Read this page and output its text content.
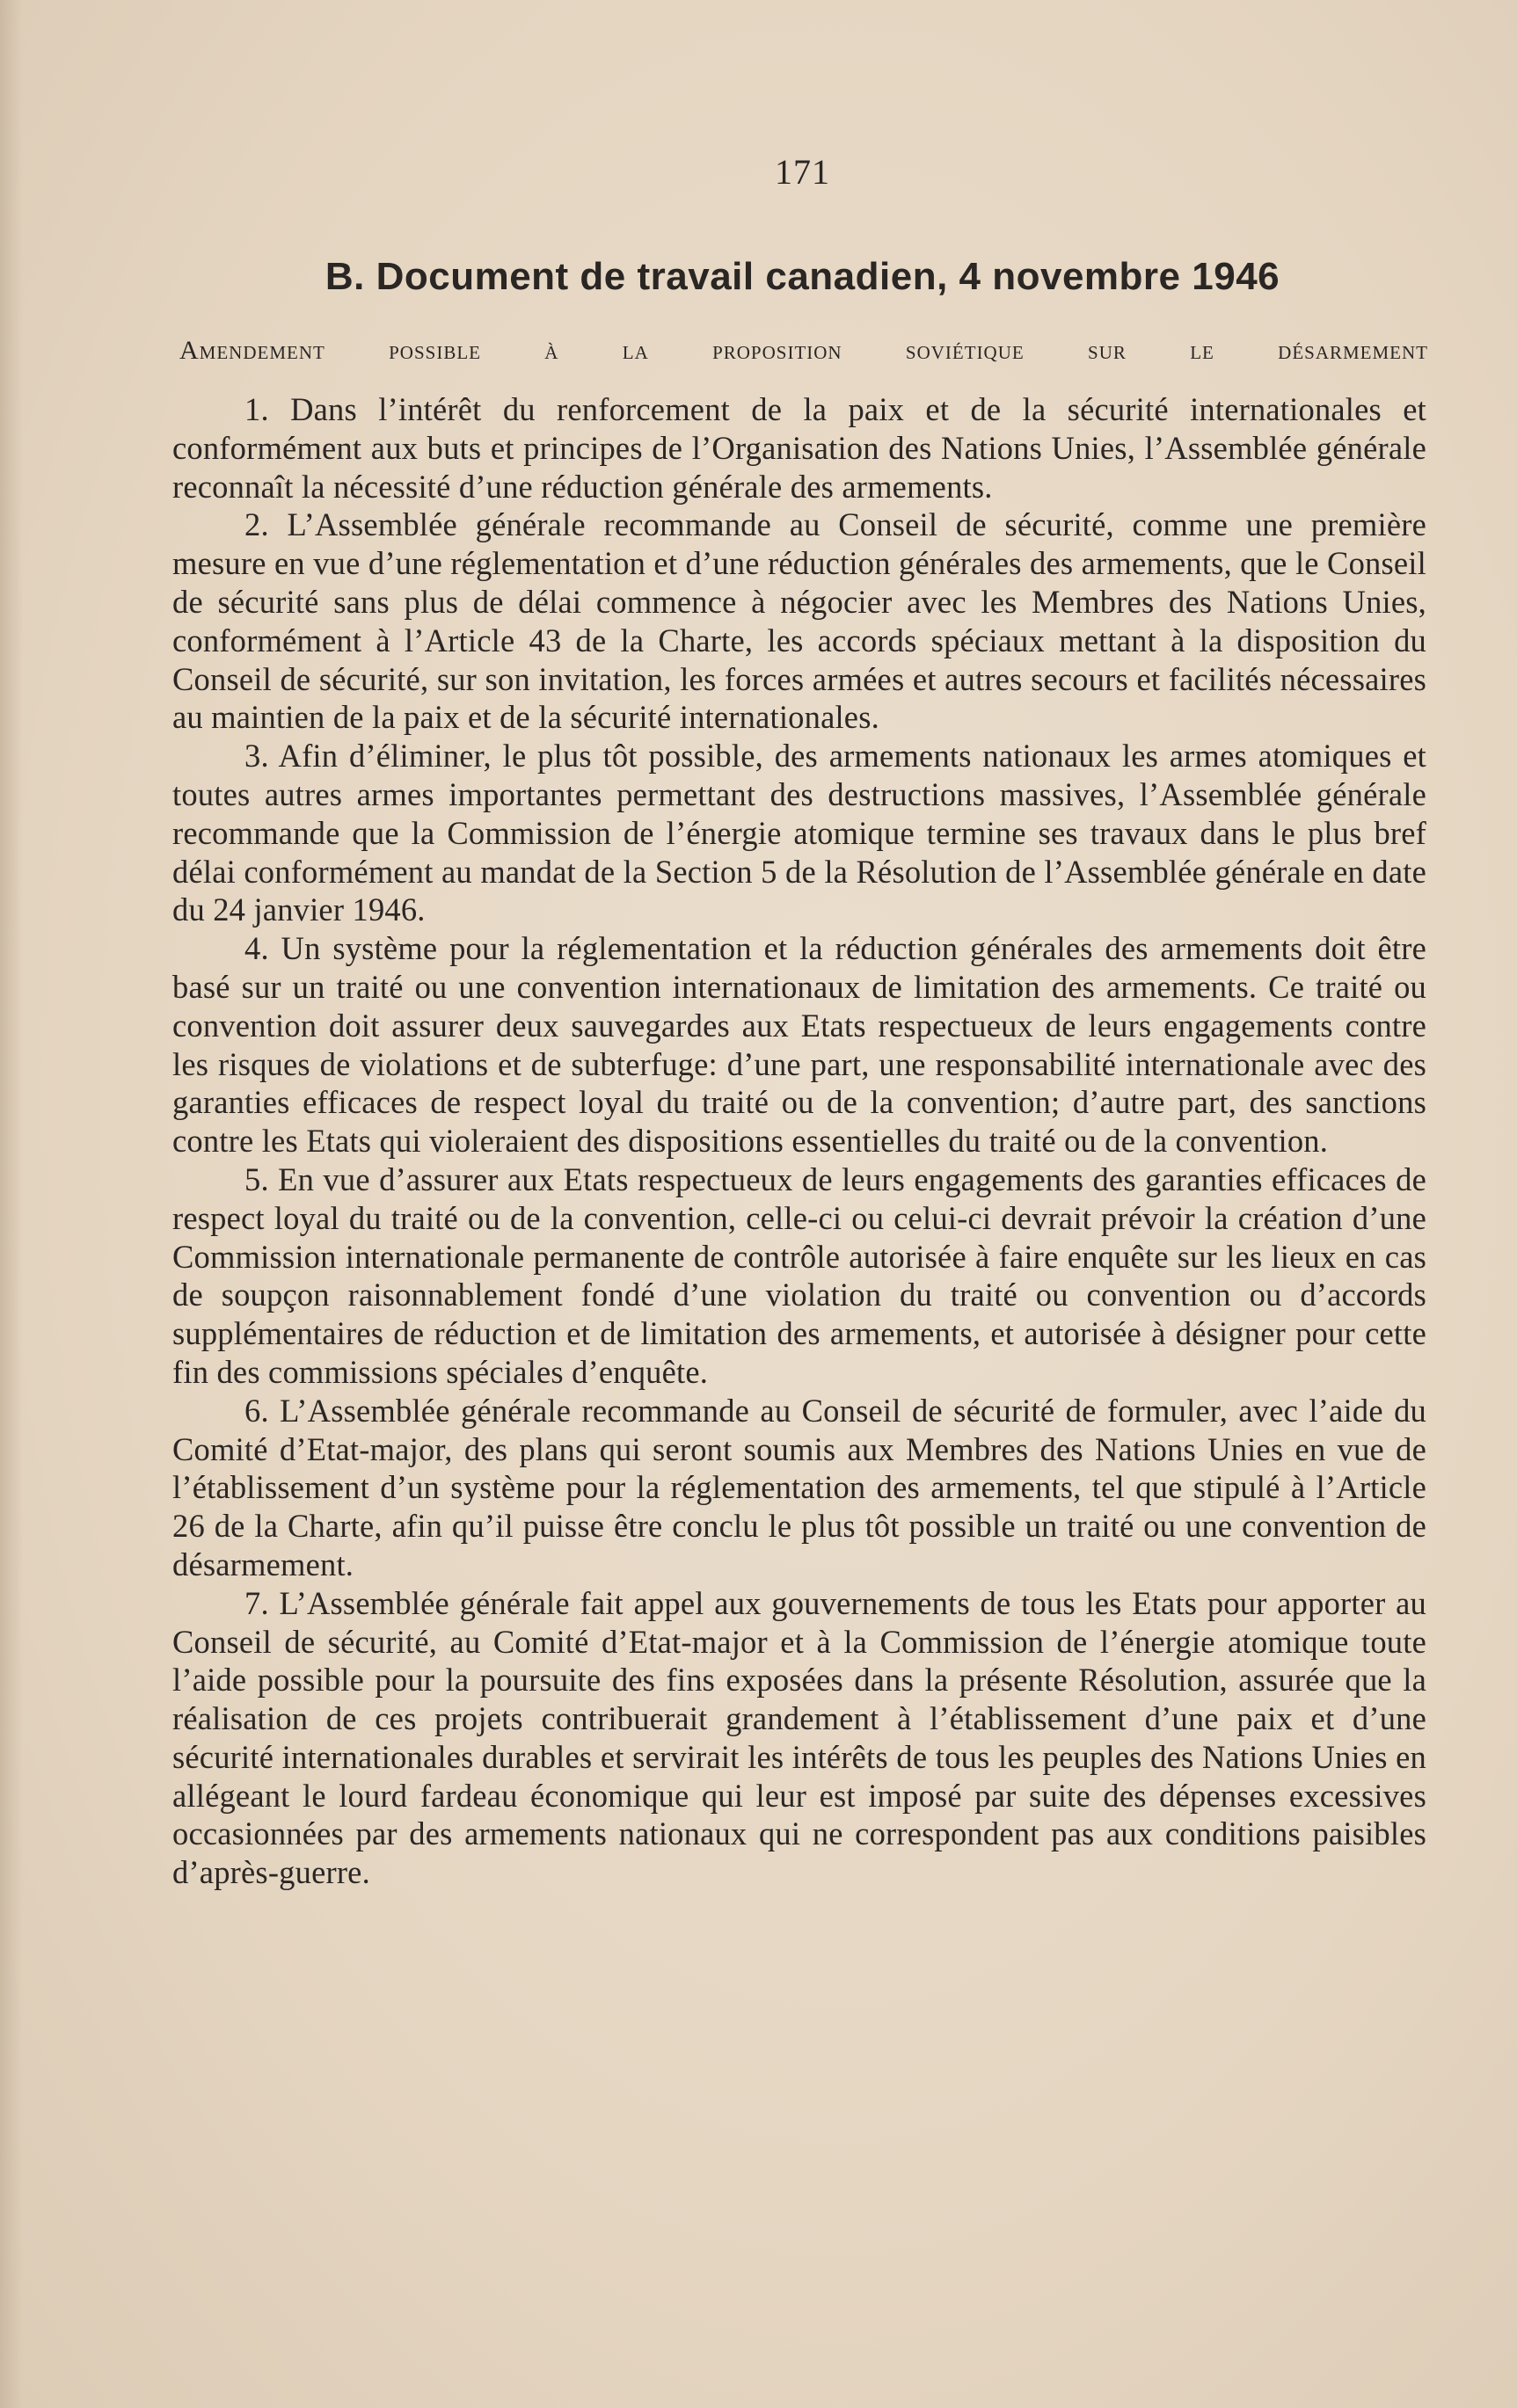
171
B. Document de travail canadien, 4 novembre 1946
Amendement possible à la proposition soviétique sur le désarmement

1. Dans l’intérêt du renforcement de la paix et de la sécurité internationales et conformément aux buts et principes de l’Organisation des Nations Unies, l’Assemblée générale reconnaît la nécessité d’une réduction générale des armements.

2. L’Assemblée générale recommande au Conseil de sécurité, comme une première mesure en vue d’une réglementation et d’une réduction générales des armements, que le Conseil de sécurité sans plus de délai commence à négocier avec les Membres des Nations Unies, conformément à l’Article 43 de la Charte, les accords spéciaux mettant à la disposition du Conseil de sécurité, sur son invitation, les forces armées et autres secours et facilités nécessaires au maintien de la paix et de la sécurité internationales.

3. Afin d’éliminer, le plus tôt possible, des armements nationaux les armes atomiques et toutes autres armes importantes permettant des destructions massives, l’Assemblée générale recommande que la Commission de l’énergie atomique termine ses travaux dans le plus bref délai conformément au mandat de la Section 5 de la Résolution de l’Assemblée générale en date du 24 janvier 1946.

4. Un système pour la réglementation et la réduction générales des armements doit être basé sur un traité ou une convention internationaux de limitation des armements. Ce traité ou convention doit assurer deux sauvegardes aux Etats respectueux de leurs engagements contre les risques de violations et de subterfuge: d’une part, une responsabilité internationale avec des garanties efficaces de respect loyal du traité ou de la convention; d’autre part, des sanctions contre les Etats qui violeraient des dispositions essentielles du traité ou de la convention.

5. En vue d’assurer aux Etats respectueux de leurs engagements des garanties efficaces de respect loyal du traité ou de la convention, celle-ci ou celui-ci devrait prévoir la création d’une Commission internationale permanente de contrôle autorisée à faire enquête sur les lieux en cas de soupçon raisonnablement fondé d’une violation du traité ou convention ou d’accords supplémentaires de réduction et de limitation des armements, et autorisée à désigner pour cette fin des commissions spéciales d’enquête.

6. L’Assemblée générale recommande au Conseil de sécurité de formuler, avec l’aide du Comité d’Etat-major, des plans qui seront soumis aux Membres des Nations Unies en vue de l’établissement d’un système pour la réglementation des armements, tel que stipulé à l’Article 26 de la Charte, afin qu’il puisse être conclu le plus tôt possible un traité ou une convention de désarmement.

7. L’Assemblée générale fait appel aux gouvernements de tous les Etats pour apporter au Conseil de sécurité, au Comité d’Etat-major et à la Commission de l’énergie atomique toute l’aide possible pour la poursuite des fins exposées dans la présente Résolution, assurée que la réalisation de ces projets contribuerait grandement à l’établissement d’une paix et d’une sécurité internationales durables et servirait les intérêts de tous les peuples des Nations Unies en allégeant le lourd fardeau économique qui leur est imposé par suite des dépenses excessives occasionnées par des armements nationaux qui ne correspondent pas aux conditions paisibles d’après-guerre.
